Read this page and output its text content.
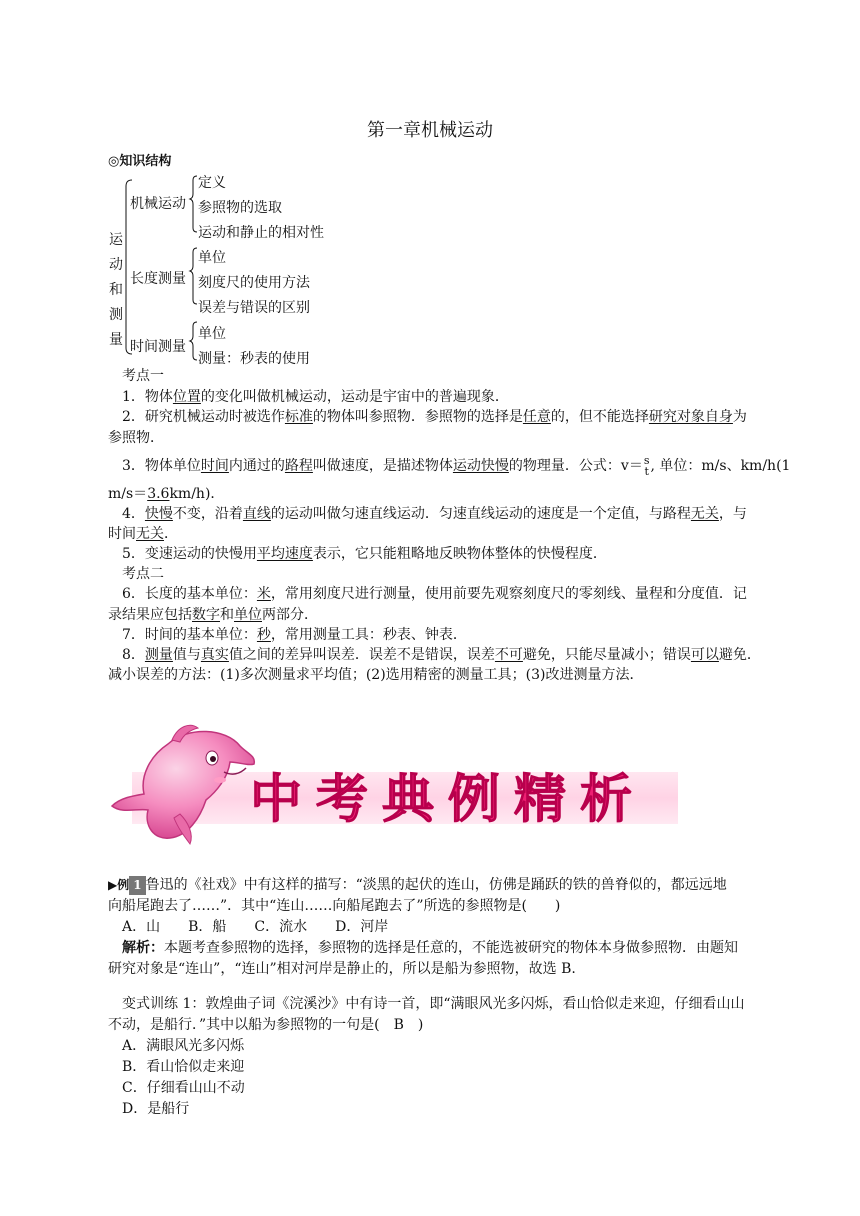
第一章机械运动
◎知识结构
运
动
和
测
量
机械运动
长度测量
时间测量
定义
参照物的选取
运动和静止的相对性
单位
刻度尺的使用方法
误差与错误的区别
单位
测量：秒表的使用
考点一
1．物体位置的变化叫做机械运动，运动是宇宙中的普遍现象．
2．研究机械运动时被选作标准的物体叫参照物．参照物的选择是任意的，但不能选择研究对象自身为
参照物．
3．物体单位时间内通过的路程叫做速度，是描述物体运动快慢的物理量．公式：v＝ s
t , 单位：m/s、km/h(1
m/s＝3.6km/h)．
4．快慢不变，沿着直线的运动叫做匀速直线运动．匀速直线运动的速度是一个定值，与路程无关，与
时间无关．
5．变速运动的快慢用平均速度表示，它只能粗略地反映物体整体的快慢程度．
考点二
6．长度的基本单位：米，常用刻度尺进行测量，使用前要先观察刻度尺的零刻线、量程和分度值．记
录结果应包括数字和单位两部分．
7．时间的基本单位：秒，常用测量工具：秒表、钟表．
8．测量值与真实值之间的差异叫误差．误差不是错误，误差不可避免，只能尽量减小；错误可以避免．
减小误差的方法：(1)多次测量求平均值；(2)选用精密的测量工具；(3)改进测量方法．
中考典例精析
▶例 1 鲁迅的《社戏》中有这样的描写：“淡黑的起伏的连山，仿佛是踊跃的铁的兽脊似的，都远远地
向船尾跑去了……”．其中“连山……向船尾跑去了”所选的参照物是(　　)
A．山　　B．船　　C．流水　　D．河岸
解析：本题考查参照物的选择，参照物的选择是任意的，不能选被研究的物体本身做参照物．由题知
研究对象是“连山”，“连山”相对河岸是静止的，所以是船为参照物，故选 B.
变式训练 1：敦煌曲子词《浣溪沙》中有诗一首，即“满眼风光多闪烁，看山恰似走来迎，仔细看山山
不动，是船行．”其中以船为参照物的一句是(　B　)
A．满眼风光多闪烁
B．看山恰似走来迎
C．仔细看山山不动
D．是船行
